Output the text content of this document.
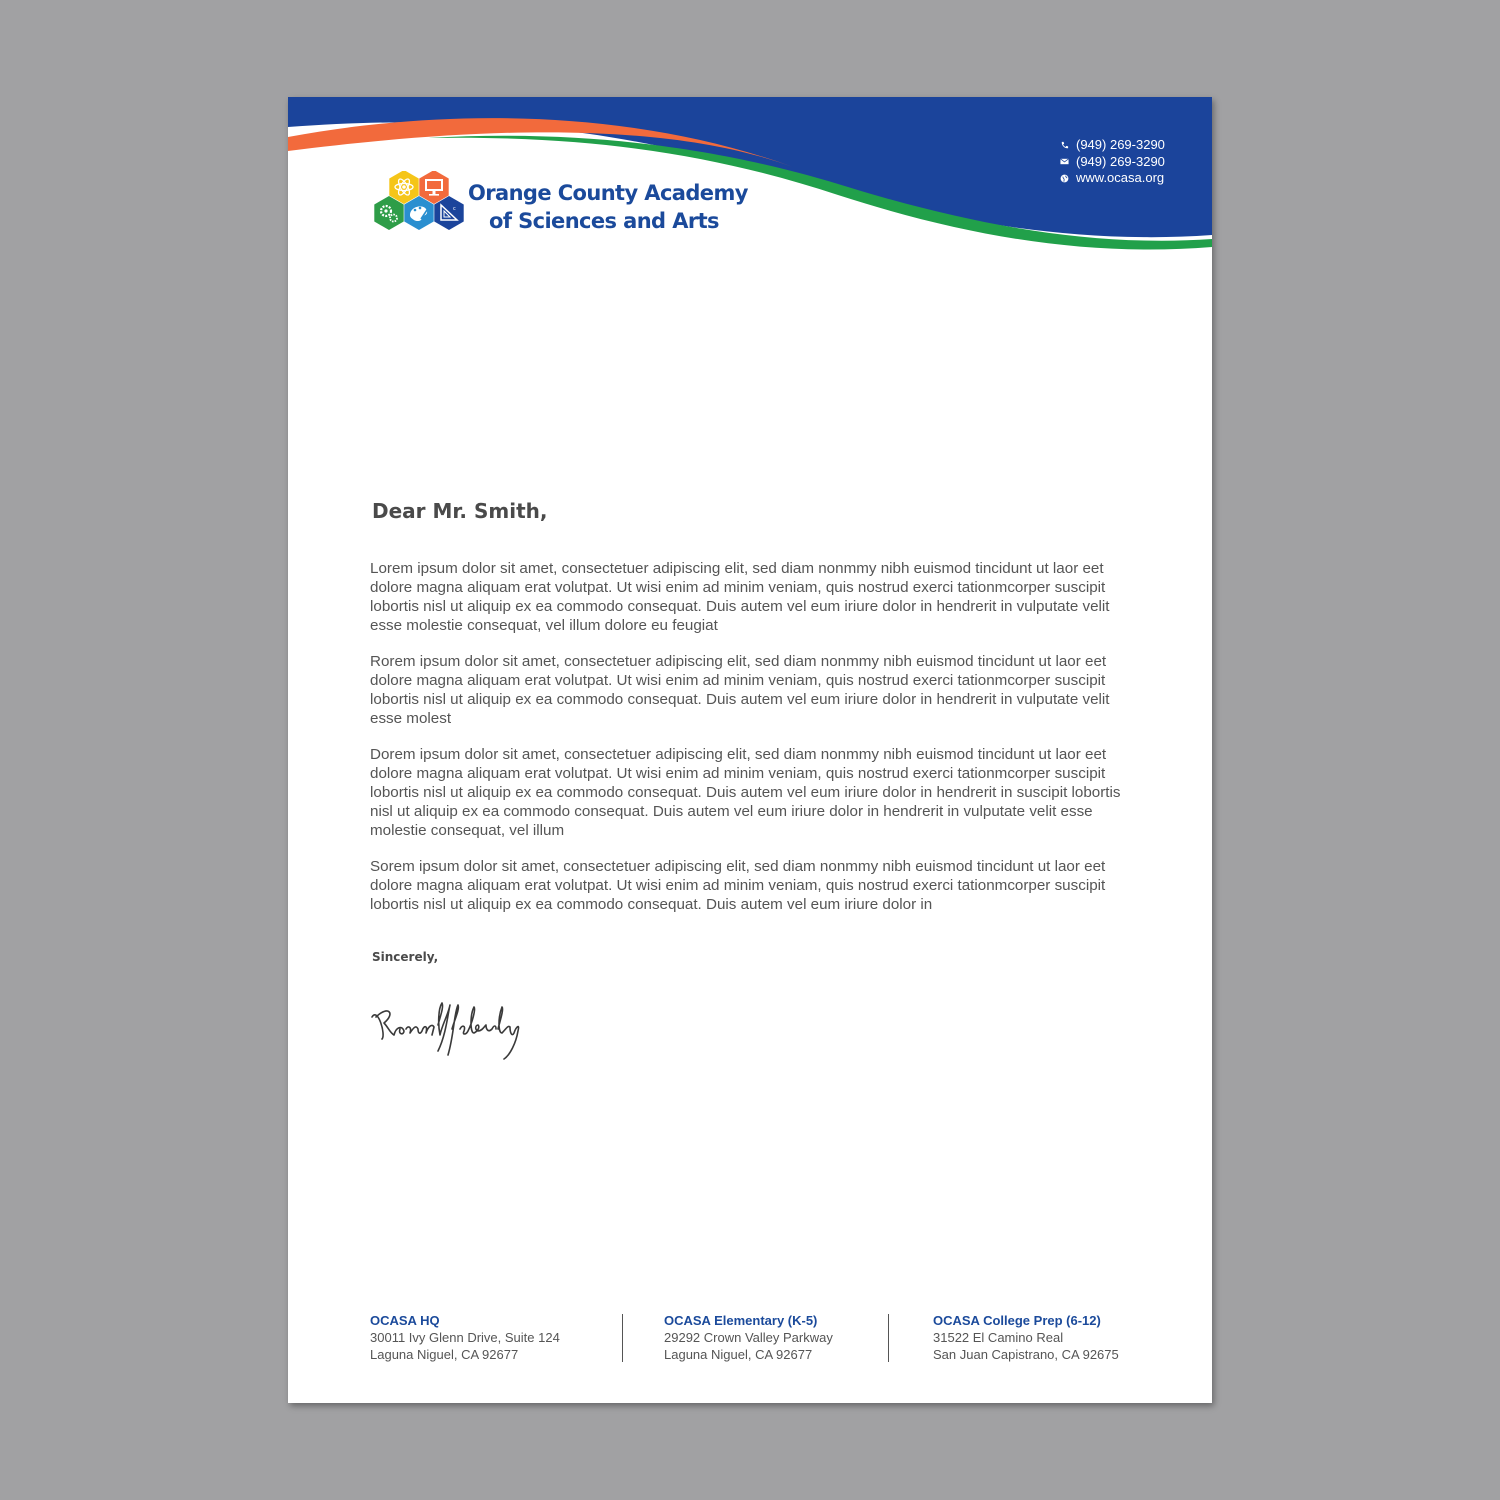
(949) 269-3290
(949) 269-3290
www.ocasa.org
c
Orange County Academy
of Sciences and Arts
Dear Mr. Smith,

Lorem ipsum dolor sit amet, consectetuer adipiscing elit, sed diam nonmmy nibh euismod tincidunt ut laor eet dolore magna aliquam erat volutpat. Ut wisi enim ad minim veniam, quis nostrud exerci tationmcorper suscipit lobortis nisl ut aliquip ex ea commodo consequat. Duis autem vel eum iriure dolor in hendrerit in vulputate velit esse molestie consequat, vel illum dolore eu feugiat

Rorem ipsum dolor sit amet, consectetuer adipiscing elit, sed diam nonmmy nibh euismod tincidunt ut laor eet dolore magna aliquam erat volutpat. Ut wisi enim ad minim veniam, quis nostrud exerci tationmcorper suscipit lobortis nisl ut aliquip ex ea commodo consequat. Duis autem vel eum iriure dolor in hendrerit in vulputate velit esse molest

Dorem ipsum dolor sit amet, consectetuer adipiscing elit, sed diam nonmmy nibh euismod tincidunt ut laor eet dolore magna aliquam erat volutpat. Ut wisi enim ad minim veniam, quis nostrud exerci tationmcorper suscipit lobortis nisl ut aliquip ex ea commodo consequat. Duis autem vel eum iriure dolor in hendrerit in suscipit lobortis nisl ut aliquip ex ea commodo consequat. Duis autem vel eum iriure dolor in hendrerit in vulputate velit esse molestie consequat, vel illum

Sorem ipsum dolor sit amet, consectetuer adipiscing elit, sed diam nonmmy nibh euismod tincidunt ut laor eet dolore magna aliquam erat volutpat. Ut wisi enim ad minim veniam, quis nostrud exerci tationmcorper suscipit lobortis nisl ut aliquip ex ea commodo consequat. Duis autem vel eum iriure dolor in

Sincerely,
OCASA HQ
30011 Ivy Glenn Drive, Suite 124
Laguna Niguel, CA 92677
OCASA Elementary (K-5)
29292 Crown Valley Parkway
Laguna Niguel, CA 92677
OCASA College Prep (6-12)
31522 El Camino Real
San Juan Capistrano, CA 92675
